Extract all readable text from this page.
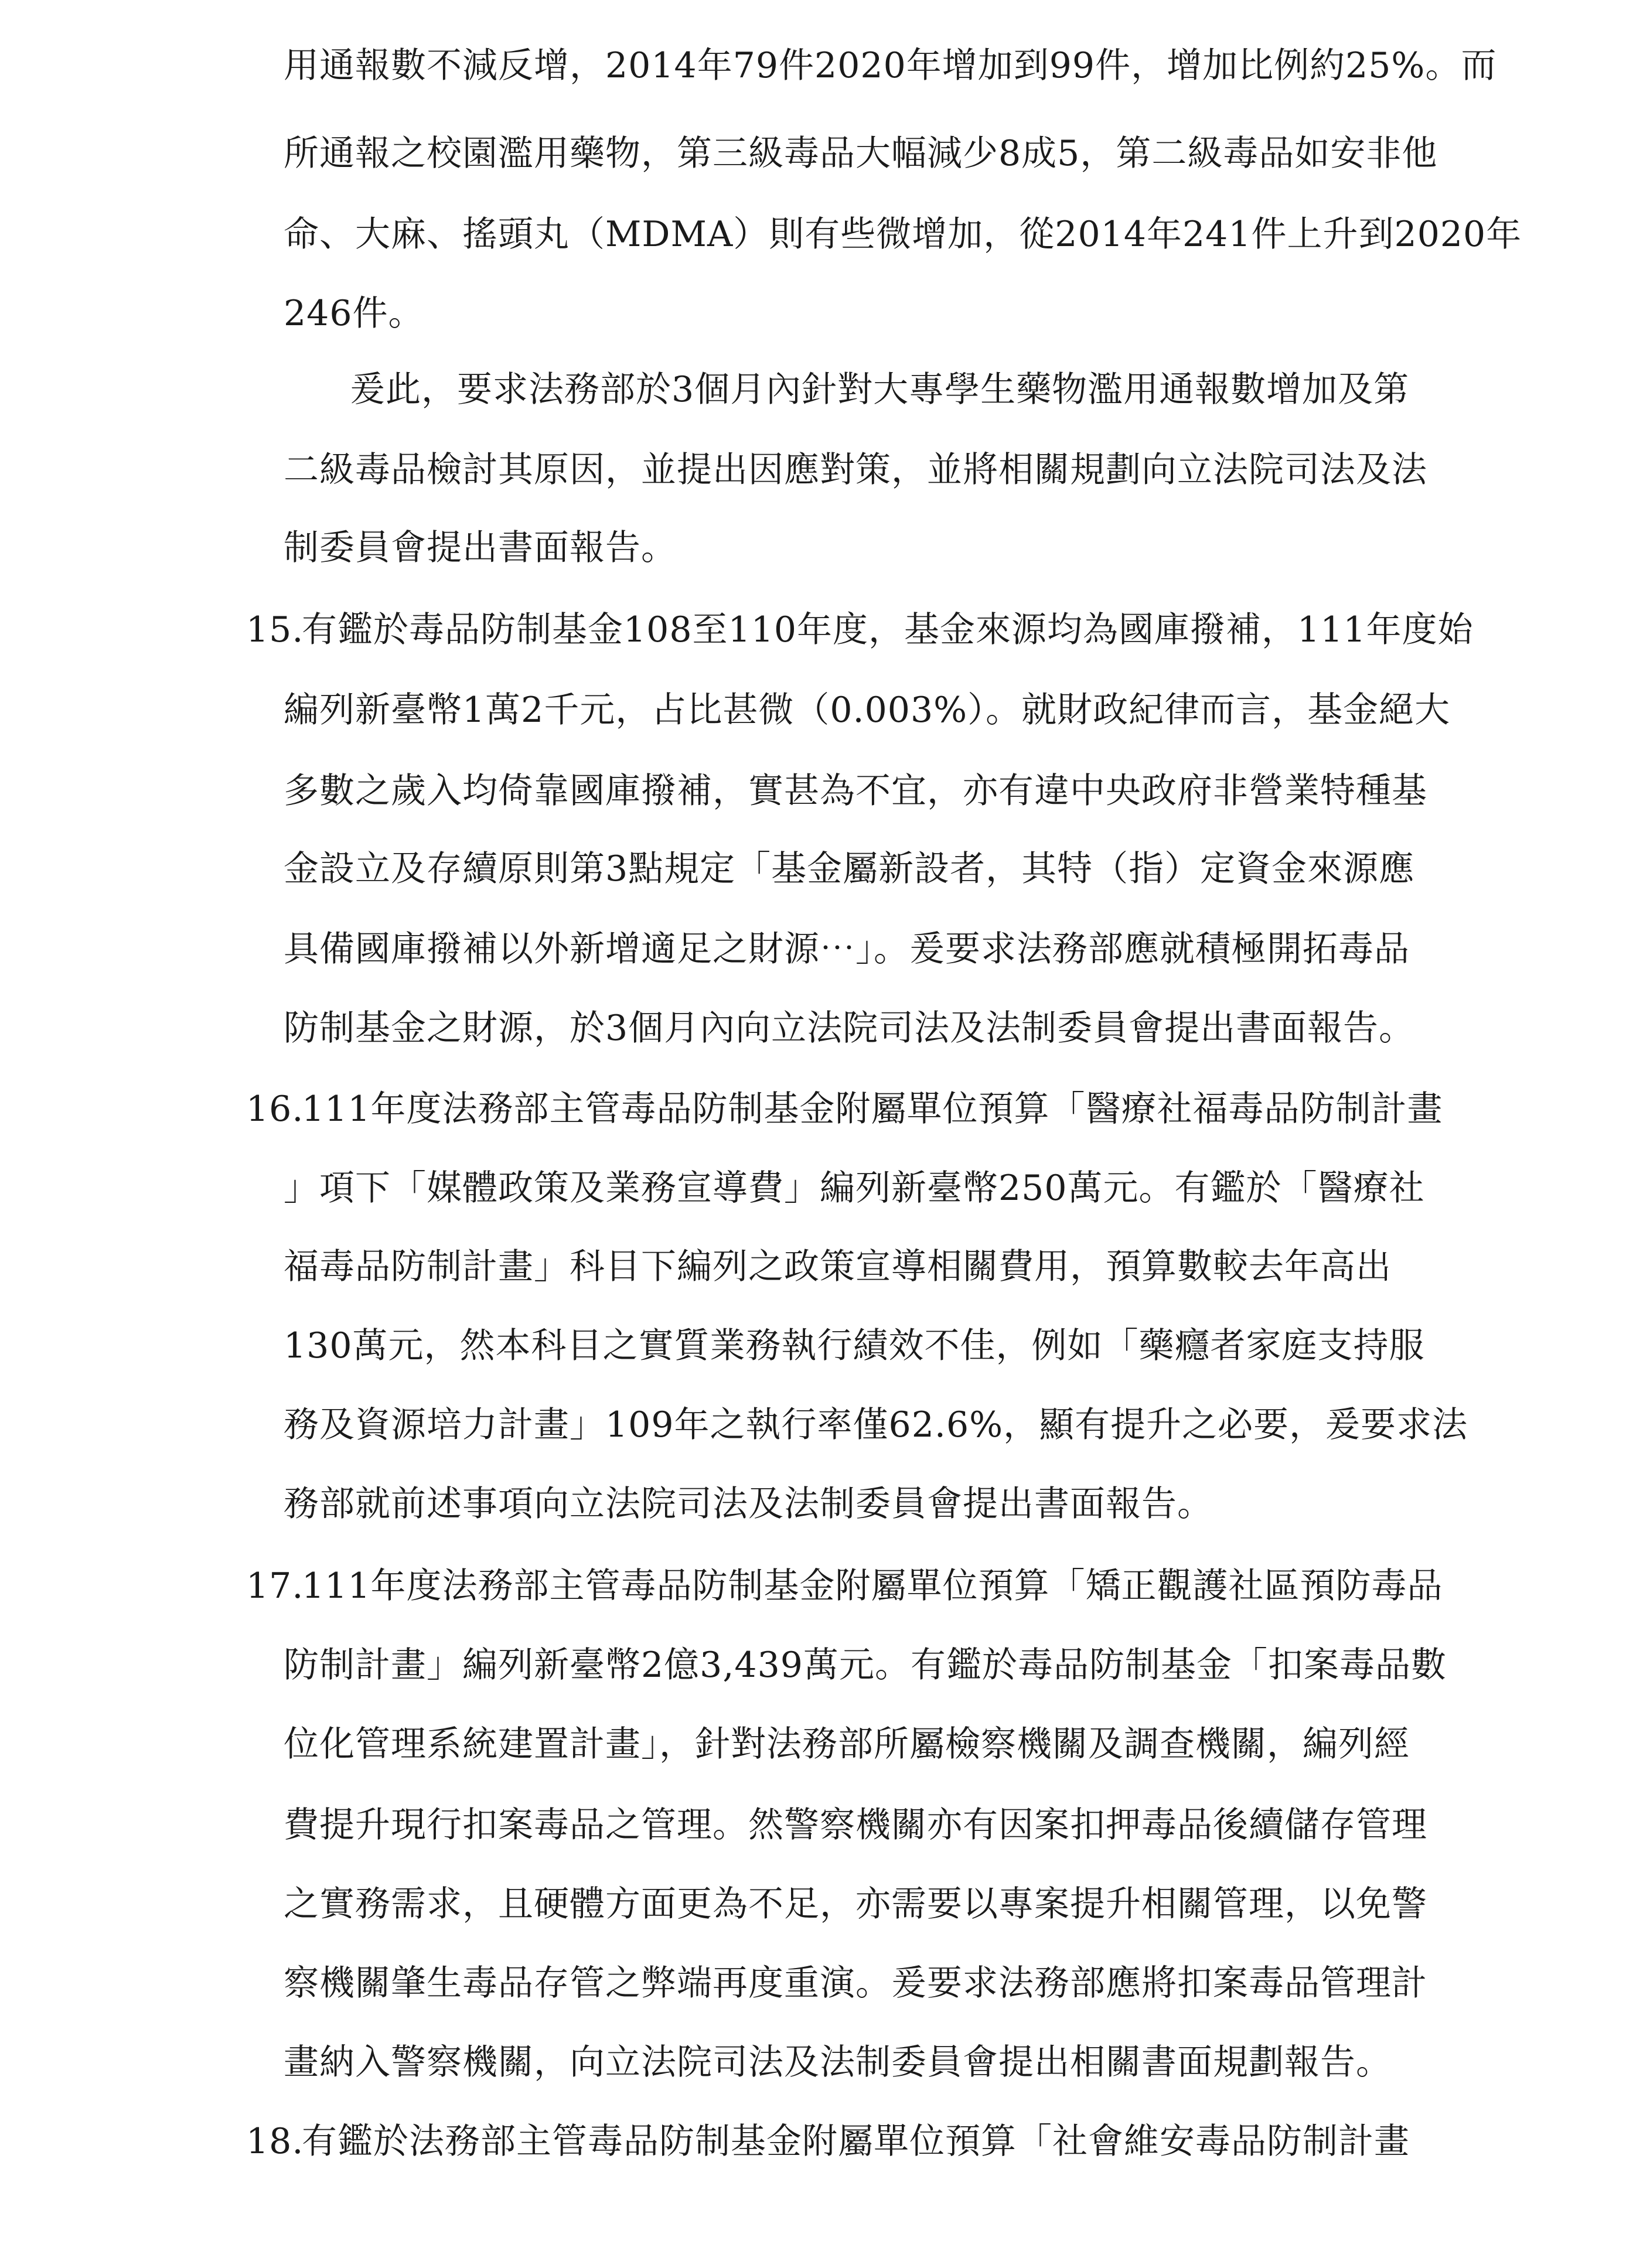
用通報數不減反增，2014年79件2020年增加到99件，增加比例約25%。而
所通報之校園濫用藥物，第三級毒品大幅減少8成5，第二級毒品如安非他
命、大麻、搖頭丸（MDMA）則有些微增加，從2014年241件上升到2020年
246件。
爰此，要求法務部於3個月內針對大專學生藥物濫用通報數增加及第
二級毒品檢討其原因，並提出因應對策，並將相關規劃向立法院司法及法
制委員會提出書面報告。
15.
有鑑於毒品防制基金108至110年度，基金來源均為國庫撥補，111年度始
編列新臺幣1萬2千元，占比甚微（0.003%）。就財政紀律而言，基金絕大
多數之歲入均倚靠國庫撥補，實甚為不宜，亦有違中央政府非營業特種基
金設立及存續原則第3點規定「基金屬新設者，其特（指）定資金來源應
具備國庫撥補以外新增適足之財源⋯」。爰要求法務部應就積極開拓毒品
防制基金之財源，於3個月內向立法院司法及法制委員會提出書面報告。
16.
111年度法務部主管毒品防制基金附屬單位預算「醫療社福毒品防制計畫
」項下「媒體政策及業務宣導費」編列新臺幣250萬元。有鑑於「醫療社
福毒品防制計畫」科目下編列之政策宣導相關費用，預算數較去年高出
130萬元，然本科目之實質業務執行績效不佳，例如「藥癮者家庭支持服
務及資源培力計畫」109年之執行率僅62.6%，顯有提升之必要，爰要求法
務部就前述事項向立法院司法及法制委員會提出書面報告。
17.
111年度法務部主管毒品防制基金附屬單位預算「矯正觀護社區預防毒品
防制計畫」編列新臺幣2億3,439萬元。有鑑於毒品防制基金「扣案毒品數
位化管理系統建置計畫」，針對法務部所屬檢察機關及調查機關，編列經
費提升現行扣案毒品之管理。然警察機關亦有因案扣押毒品後續儲存管理
之實務需求，且硬體方面更為不足，亦需要以專案提升相關管理，以免警
察機關肇生毒品存管之弊端再度重演。爰要求法務部應將扣案毒品管理計
畫納入警察機關，向立法院司法及法制委員會提出相關書面規劃報告。
18.
有鑑於法務部主管毒品防制基金附屬單位預算「社會維安毒品防制計畫
